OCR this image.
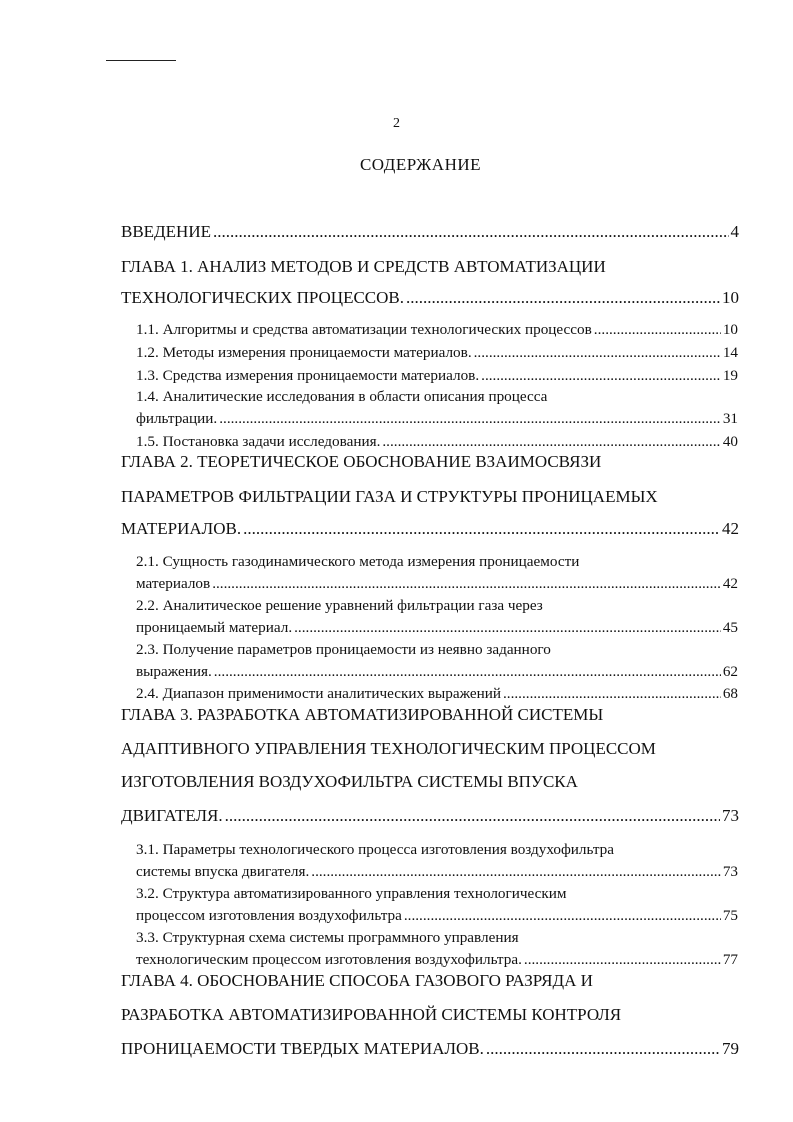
2
СОДЕРЖАНИЕ
ВВЕДЕНИЕ .....	4
ГЛАВА 1. АНАЛИЗ МЕТОДОВ И СРЕДСТВ АВТОМАТИЗАЦИИ
ТЕХНОЛОГИЧЕСКИХ ПРОЦЕССОВ. .....	10
1.1. Алгоритмы и средства автоматизации технологических процессов .....	10
1.2. Методы измерения проницаемости материалов. .....	14
1.3. Средства измерения проницаемости материалов. .....	19
1.4. Аналитические исследования в области описания процесса
фильтрации. .....	31
1.5. Постановка задачи исследования. .....	40
ГЛАВА 2. ТЕОРЕТИЧЕСКОЕ ОБОСНОВАНИЕ ВЗАИМОСВЯЗИ
ПАРАМЕТРОВ ФИЛЬТРАЦИИ ГАЗА И СТРУКТУРЫ ПРОНИЦАЕМЫХ
МАТЕРИАЛОВ. .....	42
2.1. Сущность газодинамического метода измерения проницаемости
материалов .....	42
2.2. Аналитическое решение уравнений фильтрации газа через
проницаемый материал. .....	45
2.3. Получение параметров проницаемости из неявно заданного
выражения. .....	62
2.4. Диапазон применимости аналитических выражений .....	68
ГЛАВА 3. РАЗРАБОТКА АВТОМАТИЗИРОВАННОЙ СИСТЕМЫ
АДАПТИВНОГО УПРАВЛЕНИЯ ТЕХНОЛОГИЧЕСКИМ ПРОЦЕССОМ
ИЗГОТОВЛЕНИЯ ВОЗДУХОФИЛЬТРА СИСТЕМЫ ВПУСКА
ДВИГАТЕЛЯ. .....	73
3.1. Параметры технологического процесса изготовления воздухофильтра
системы впуска двигателя. .....	73
3.2. Структура автоматизированного управления технологическим
процессом изготовления воздухофильтра .....	75
3.3. Структурная схема системы программного управления
технологическим процессом изготовления воздухофильтра. .....	77
ГЛАВА 4. ОБОСНОВАНИЕ СПОСОБА ГАЗОВОГО РАЗРЯДА И
РАЗРАБОТКА АВТОМАТИЗИРОВАННОЙ СИСТЕМЫ КОНТРОЛЯ
ПРОНИЦАЕМОСТИ ТВЕРДЫХ МАТЕРИАЛОВ. .....	79
